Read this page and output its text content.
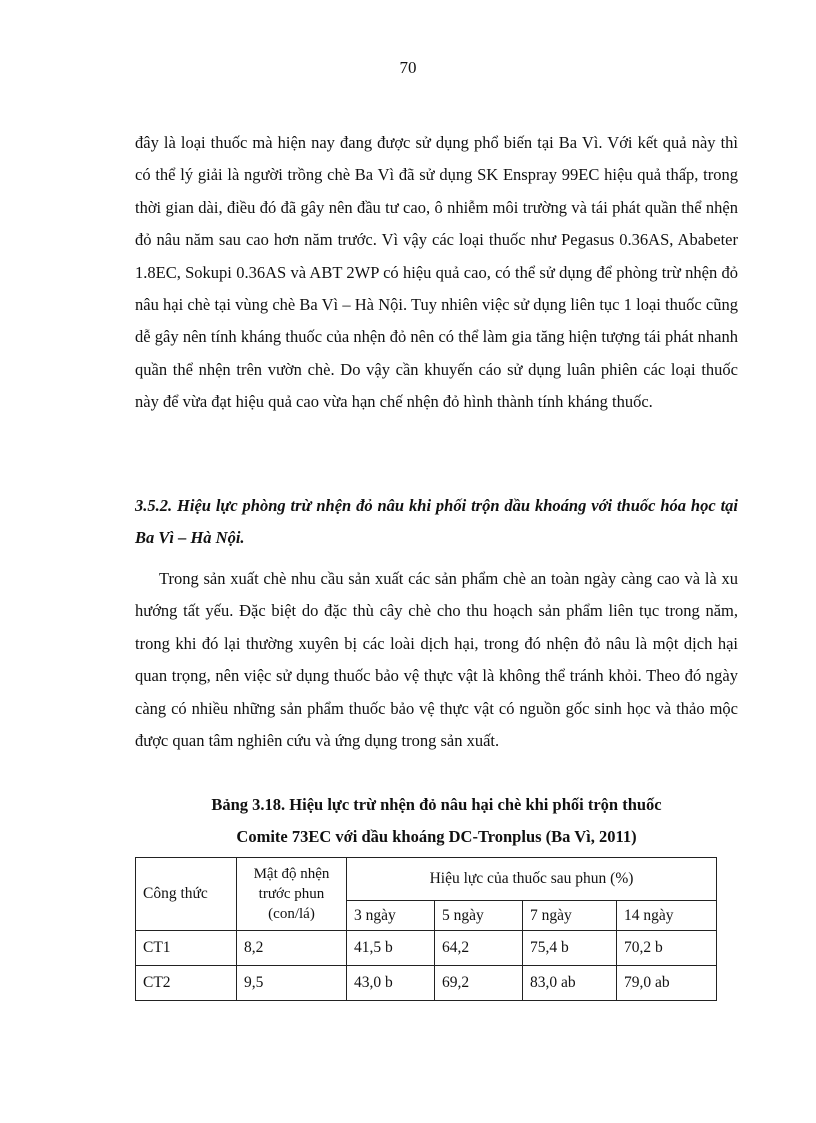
70

đây là loại thuốc mà hiện nay đang được sử dụng phổ biến tại Ba Vì. Với kết quả này thì có thể lý giải là người trồng chè Ba Vì đã sử dụng SK Enspray 99EC hiệu quả thấp, trong thời gian dài, điều đó đã gây nên đầu tư cao, ô nhiễm môi trường và tái phát quần thể nhện đỏ nâu năm sau cao hơn năm trước. Vì vậy các loại thuốc như Pegasus 0.36AS, Ababeter 1.8EC, Sokupi 0.36AS và ABT 2WP có hiệu quả cao, có thể sử dụng để phòng trừ nhện đỏ nâu hại chè tại vùng chè Ba Vì – Hà Nội. Tuy nhiên việc sử dụng liên tục 1 loại thuốc cũng dễ gây nên tính kháng thuốc của nhện đỏ nên có thể làm gia tăng hiện tượng tái phát nhanh quần thể nhện trên vườn chè. Do vậy cần khuyến cáo sử dụng luân phiên các loại thuốc này để vừa đạt hiệu quả cao vừa hạn chế nhện đỏ hình thành tính kháng thuốc.

3.5.2. Hiệu lực phòng trừ nhện đỏ nâu khi phối trộn dầu khoáng với thuốc hóa học tại Ba Vì – Hà Nội.

Trong sản xuất chè nhu cầu sản xuất các sản phẩm chè an toàn ngày càng cao và là xu hướng tất yếu. Đặc biệt do đặc thù cây chè cho thu hoạch sản phẩm liên tục trong năm, trong khi đó lại thường xuyên bị các loài dịch hại, trong đó nhện đỏ nâu là một dịch hại quan trọng, nên việc sử dụng thuốc bảo vệ thực vật là không thể tránh khỏi. Theo đó ngày càng có nhiều những sản phẩm thuốc bảo vệ thực vật có nguồn gốc sinh học và thảo mộc được quan tâm nghiên cứu và ứng dụng trong sản xuất.

Bảng 3.18. Hiệu lực trừ nhện đỏ nâu hại chè khi phối trộn thuốc
Comite 73EC với dầu khoáng DC-Tronplus (Ba Vì, 2011)
Công thức	Mật độ nhện trước phun (con/lá)	Hiệu lực của thuốc sau phun (%)			
		3 ngày	5 ngày	7 ngày	14 ngày
CT1	8,2	41,5 b	64,2	75,4 b	70,2 b
CT2	9,5	43,0 b	69,2	83,0 ab	79,0 ab
